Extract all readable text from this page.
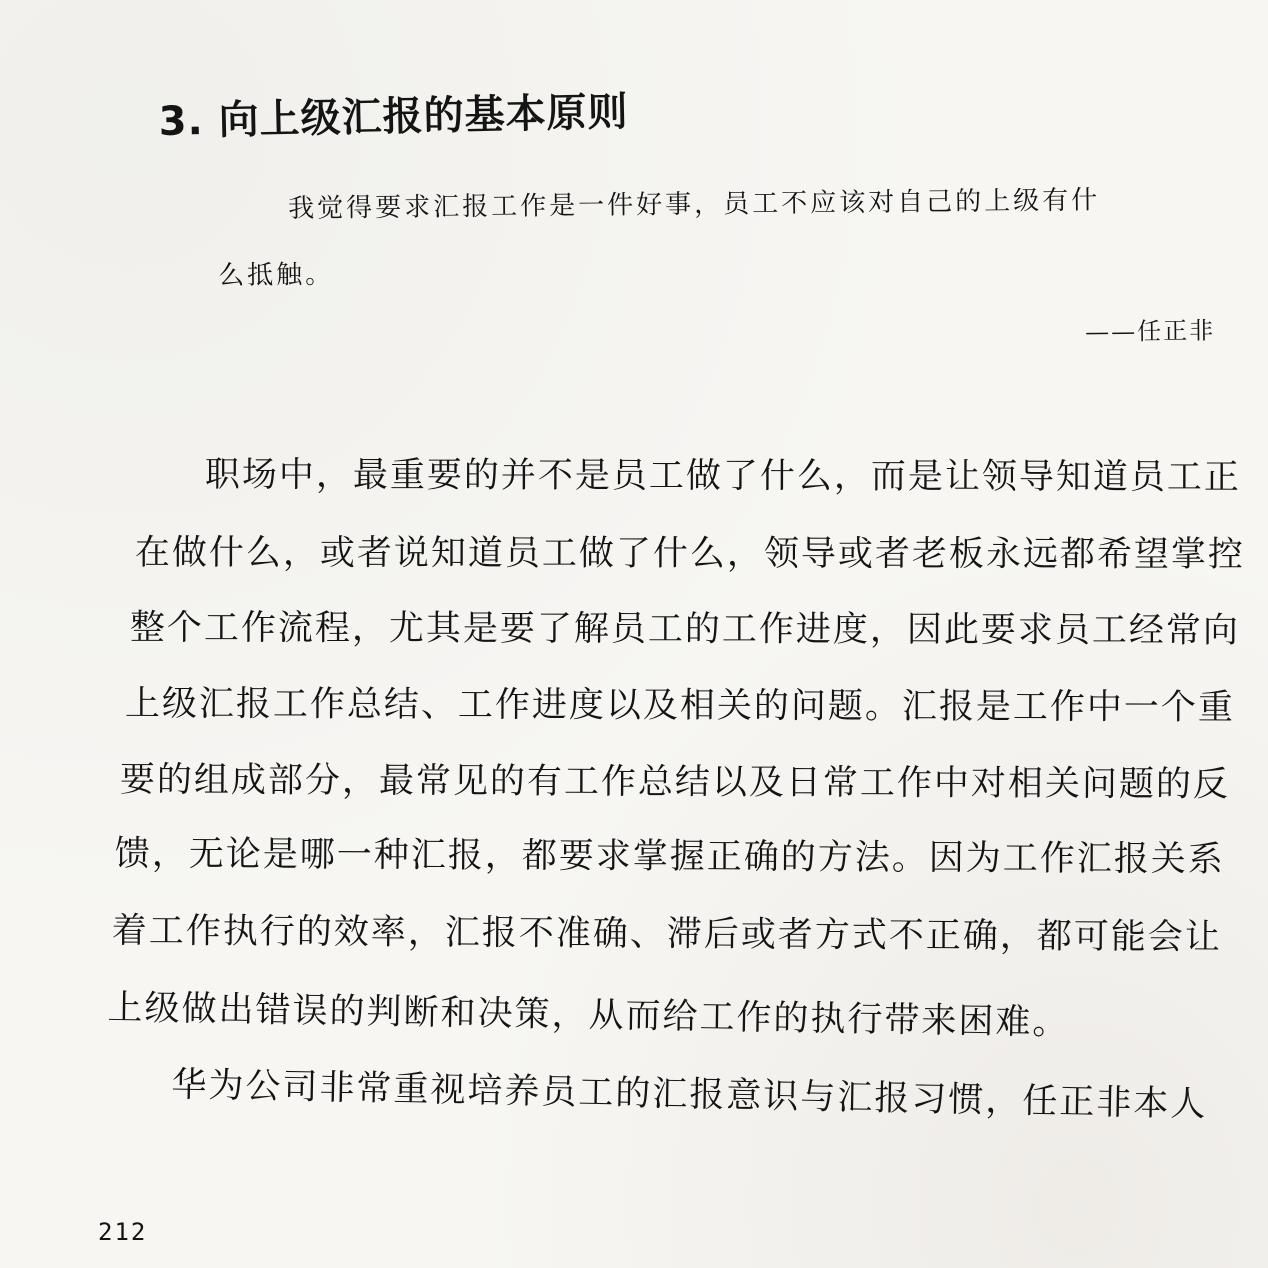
3. 向上级汇报的基本原则
我觉得要求汇报工作是一件好事，员工不应该对自己的上级有什
么抵触。
——任正非
职场中，最重要的并不是员工做了什么，而是让领导知道员工正
在做什么，或者说知道员工做了什么，领导或者老板永远都希望掌控
整个工作流程，尤其是要了解员工的工作进度，因此要求员工经常向
上级汇报工作总结、工作进度以及相关的问题。汇报是工作中一个重
要的组成部分，最常见的有工作总结以及日常工作中对相关问题的反
馈，无论是哪一种汇报，都要求掌握正确的方法。因为工作汇报关系
着工作执行的效率，汇报不准确、滞后或者方式不正确，都可能会让
上级做出错误的判断和决策，从而给工作的执行带来困难。
华为公司非常重视培养员工的汇报意识与汇报习惯，任正非本人
212
